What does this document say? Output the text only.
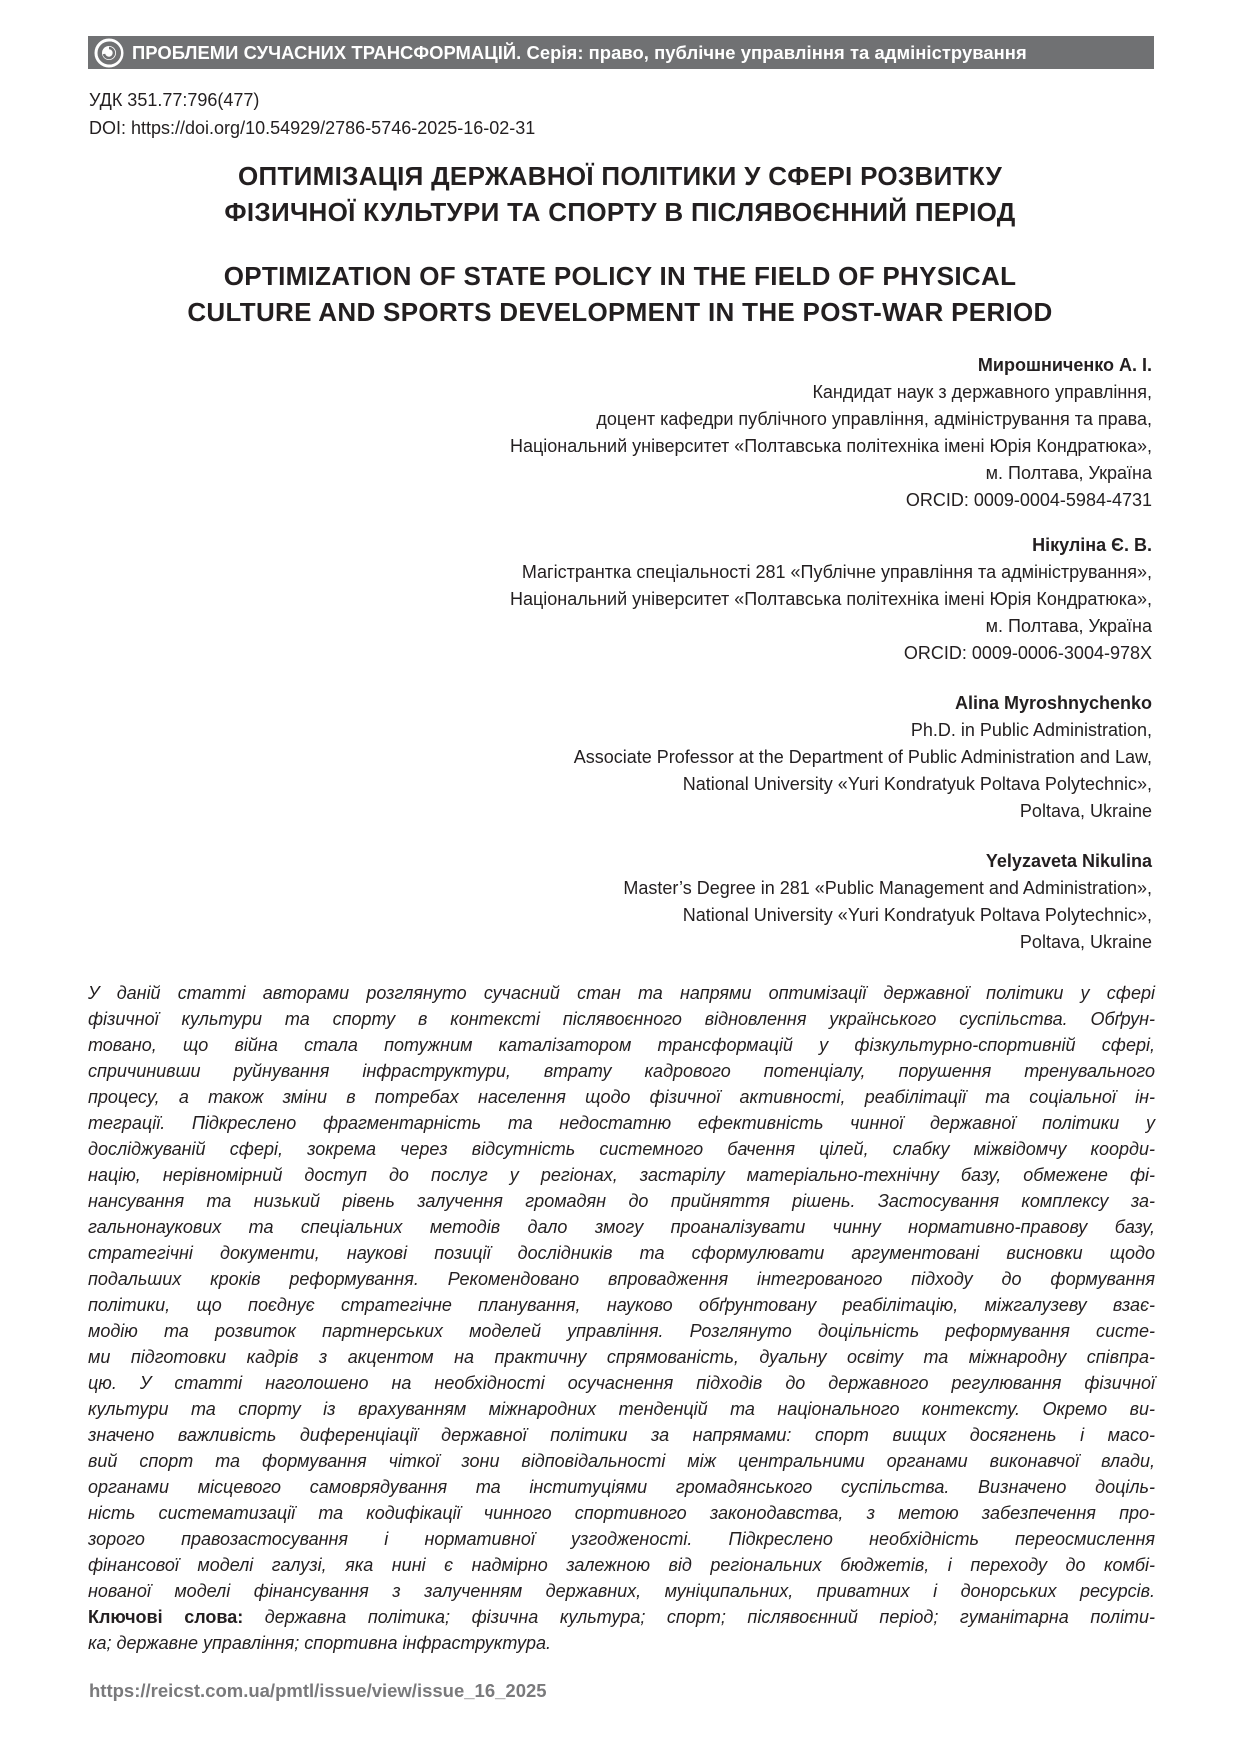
ПРОБЛЕМИ СУЧАСНИХ ТРАНСФОРМАЦІЙ. Серія: право, публічне управління та адміністрування
УДК 351.77:796(477)
DOI: https://doi.org/10.54929/2786-5746-2025-16-02-31
ОПТИМІЗАЦІЯ ДЕРЖАВНОЇ ПОЛІТИКИ У СФЕРІ РОЗВИТКУ
ФІЗИЧНОЇ КУЛЬТУРИ ТА СПОРТУ В ПІСЛЯВОЄННИЙ ПЕРІОД
OPTIMIZATION OF STATE POLICY IN THE FIELD OF PHYSICAL
CULTURE AND SPORTS DEVELOPMENT IN THE POST-WAR PERIOD
Мирошниченко А. І.
Кандидат наук з державного управління,
доцент кафедри публічного управління, адміністрування та права,
Національний університет «Полтавська політехніка імені Юрія Кондратюка»,
м. Полтава, Україна
ORCID: 0009-0004-5984-4731
Нікуліна Є. В.
Магістрантка спеціальності 281 «Публічне управління та адміністрування»,
Національний університет «Полтавська політехніка імені Юрія Кондратюка»,
м. Полтава, Україна
ORCID: 0009-0006-3004-978X
Alina Myroshnychenko
Ph.D. in Public Administration,
Associate Professor at the Department of Public Administration and Law,
National University «Yuri Kondratyuk Poltava Polytechnic»,
Poltava, Ukraine
Yelyzaveta Nikulina
Master’s Degree in 281 «Public Management and Administration»,
National University «Yuri Kondratyuk Poltava Polytechnic»,
Poltava, Ukraine
У даній статті авторами розглянуто сучасний стан та напрями оптимізації державної політики у сфері
фізичної культури та спорту в контексті післявоєнного відновлення українського суспільства. Обґрун-
товано, що війна стала потужним каталізатором трансформацій у фізкультурно-спортивній сфері,
спричинивши руйнування інфраструктури, втрату кадрового потенціалу, порушення тренувального
процесу, а також зміни в потребах населення щодо фізичної активності, реабілітації та соціальної ін-
теграції. Підкреслено фрагментарність та недостатню ефективність чинної державної політики у
досліджуваній сфері, зокрема через відсутність системного бачення цілей, слабку міжвідомчу коорди-
націю, нерівномірний доступ до послуг у регіонах, застарілу матеріально-технічну базу, обмежене фі-
нансування та низький рівень залучення громадян до прийняття рішень. Застосування комплексу за-
гальнонаукових та спеціальних методів дало змогу проаналізувати чинну нормативно-правову базу,
стратегічні документи, наукові позиції дослідників та сформулювати аргументовані висновки щодо
подальших кроків реформування. Рекомендовано впровадження інтегрованого підходу до формування
політики, що поєднує стратегічне планування, науково обґрунтовану реабілітацію, міжгалузеву взає-
модію та розвиток партнерських моделей управління. Розглянуто доцільність реформування систе-
ми підготовки кадрів з акцентом на практичну спрямованість, дуальну освіту та міжнародну співпра-
цю. У статті наголошено на необхідності осучаснення підходів до державного регулювання фізичної
культури та спорту із врахуванням міжнародних тенденцій та національного контексту. Окремо ви-
значено важливість диференціації державної політики за напрямами: спорт вищих досягнень і масо-
вий спорт та формування чіткої зони відповідальності між центральними органами виконавчої влади,
органами місцевого самоврядування та інституціями громадянського суспільства. Визначено доціль-
ність систематизації та кодифікації чинного спортивного законодавства, з метою забезпечення про-
зорого правозастосування і нормативної узгодженості. Підкреслено необхідність переосмислення
фінансової моделі галузі, яка нині є надмірно залежною від регіональних бюджетів, і переходу до комбі-
нованої моделі фінансування з залученням державних, муніципальних, приватних і донорських ресурсів.
Ключові слова: державна політика; фізична культура; спорт; післявоєнний період; гуманітарна політи-
ка; державне управління; спортивна інфраструктура.
https://reicst.com.ua/pmtl/issue/view/issue_16_2025
